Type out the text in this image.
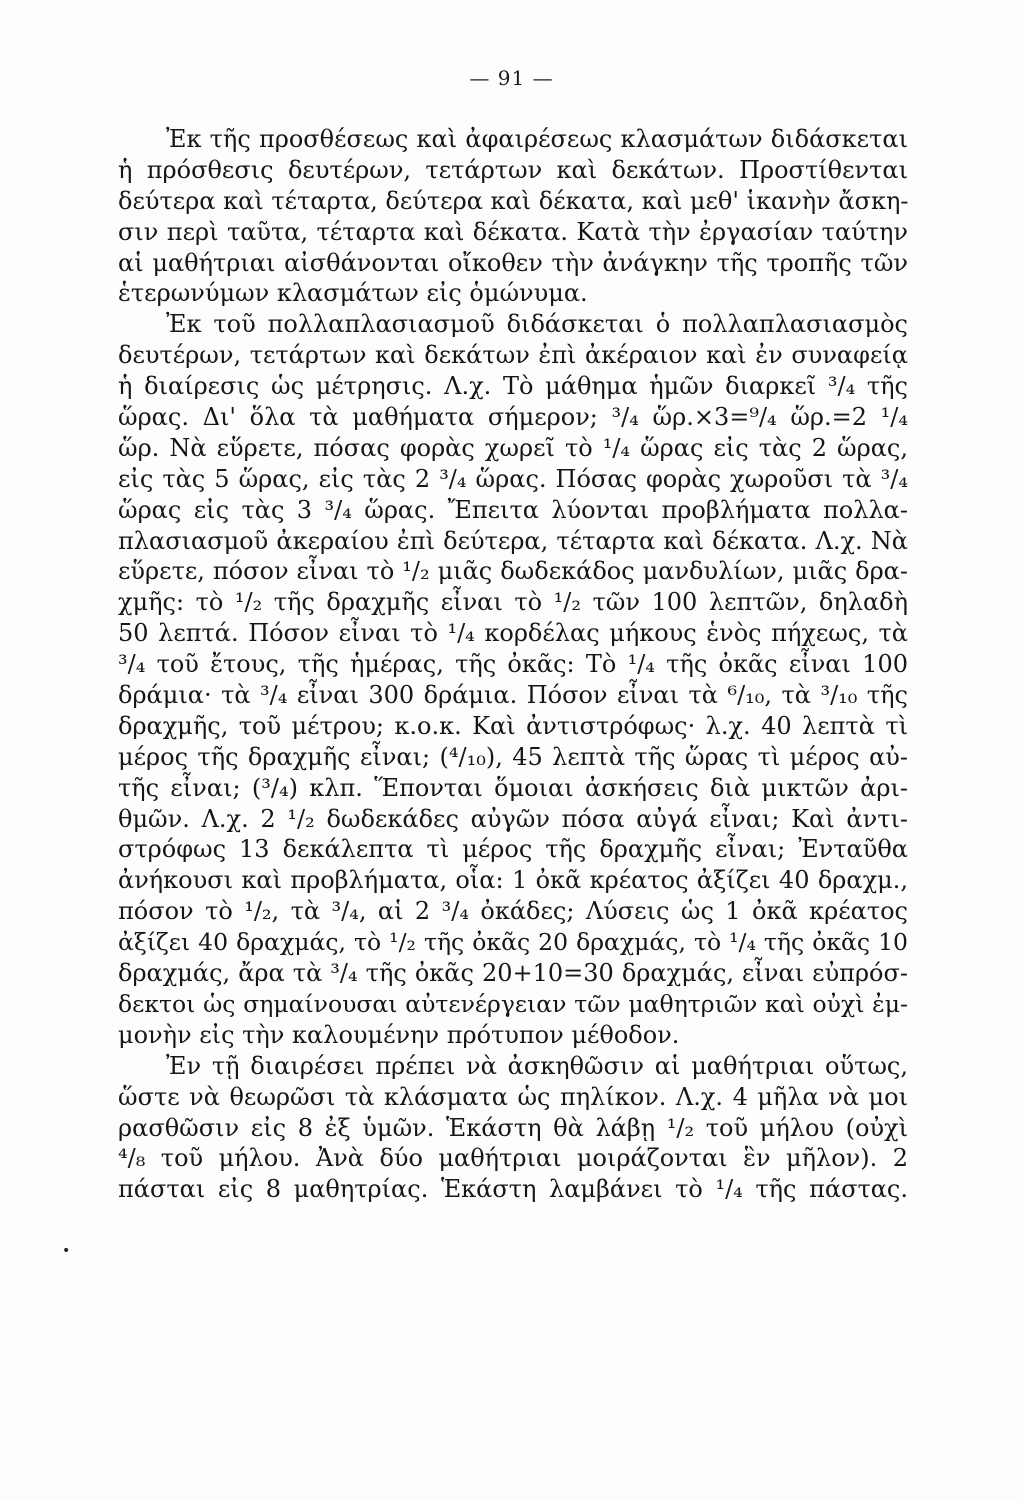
— 91 —
•
Ἐκ τῆς προσθέσεως καὶ ἀφαιρέσεως κλασμάτων διδάσκεται
ἡ πρόσθεσις δευτέρων, τετάρτων καὶ δεκάτων. Προστίθενται
δεύτερα καὶ τέταρτα, δεύτερα καὶ δέκατα, καὶ μεθ' ἱκανὴν ἄσκη-
σιν περὶ ταῦτα, τέταρτα καὶ δέκατα. Κατὰ τὴν ἐργασίαν ταύτην
αἱ μαθήτριαι αἰσθάνονται οἴκοθεν τὴν ἀνάγκην τῆς τροπῆς τῶν
ἑτερωνύμων κλασμάτων εἰς ὁμώνυμα.
Ἐκ τοῦ πολλαπλασιασμοῦ διδάσκεται ὁ πολλαπλασιασμὸς
δευτέρων, τετάρτων καὶ δεκάτων ἐπὶ ἀκέραιον καὶ ἐν συναφείᾳ
ἡ διαίρεσις ὡς μέτρησις. Λ.χ. Τὸ μάθημα ἡμῶν διαρκεῖ ³/₄ τῆς
ὥρας. Δι' ὅλα τὰ μαθήματα σήμερον; ³/₄ ὥρ.×3=⁹/₄ ὥρ.=2 ¹/₄
ὥρ. Νὰ εὕρετε, πόσας φορὰς χωρεῖ τὸ ¹/₄ ὥρας εἰς τὰς 2 ὥρας,
εἰς τὰς 5 ὥρας, εἰς τὰς 2 ³/₄ ὥρας. Πόσας φορὰς χωροῦσι τὰ ³/₄
ὥρας εἰς τὰς 3 ³/₄ ὥρας. Ἔπειτα λύονται προβλήματα πολλα-
πλασιασμοῦ ἀκεραίου ἐπὶ δεύτερα, τέταρτα καὶ δέκατα. Λ.χ. Νὰ
εὕρετε, πόσον εἶναι τὸ ¹/₂ μιᾶς δωδεκάδος μανδυλίων, μιᾶς δρα-
χμῆς: τὸ ¹/₂ τῆς δραχμῆς εἶναι τὸ ¹/₂ τῶν 100 λεπτῶν, δηλαδὴ
50 λεπτά. Πόσον εἶναι τὸ ¹/₄ κορδέλας μήκους ἑνὸς πήχεως, τὰ
³/₄ τοῦ ἔτους, τῆς ἡμέρας, τῆς ὀκᾶς: Τὸ ¹/₄ τῆς ὀκᾶς εἶναι 100
δράμια· τὰ ³/₄ εἶναι 300 δράμια. Πόσον εἶναι τὰ ⁶/₁₀, τὰ ³/₁₀ τῆς
δραχμῆς, τοῦ μέτρου; κ.ο.κ. Καὶ ἀντιστρόφως· λ.χ. 40 λεπτὰ τὶ
μέρος τῆς δραχμῆς εἶναι; (⁴/₁₀), 45 λεπτὰ τῆς ὥρας τὶ μέρος αὐ-
τῆς εἶναι; (³/₄) κλπ. Ἕπονται ὅμοιαι ἀσκήσεις διὰ μικτῶν ἀρι-
θμῶν. Λ.χ. 2 ¹/₂ δωδεκάδες αὐγῶν πόσα αὐγά εἶναι; Καὶ ἀντι-
στρόφως 13 δεκάλεπτα τὶ μέρος τῆς δραχμῆς εἶναι; Ἐνταῦθα
ἀνήκουσι καὶ προβλήματα, οἷα: 1 ὀκᾶ κρέατος ἀξίζει 40 δραχμ.,
πόσον τὸ ¹/₂, τὰ ³/₄, αἱ 2 ³/₄ ὀκάδες; Λύσεις ὡς 1 ὀκᾶ κρέατος
ἀξίζει 40 δραχμάς, τὸ ¹/₂ τῆς ὀκᾶς 20 δραχμάς, τὸ ¹/₄ τῆς ὀκᾶς 10
δραχμάς, ἄρα τὰ ³/₄ τῆς ὀκᾶς 20+10=30 δραχμάς, εἶναι εὐπρόσ-
δεκτοι ὡς σημαίνουσαι αὐτενέργειαν τῶν μαθητριῶν καὶ οὐχὶ ἐμ-
μονὴν εἰς τὴν καλουμένην πρότυπον μέθοδον.
Ἐν τῇ διαιρέσει πρέπει νὰ ἀσκηθῶσιν αἱ μαθήτριαι οὕτως,
ὥστε νὰ θεωρῶσι τὰ κλάσματα ὡς πηλίκον. Λ.χ. 4 μῆλα νὰ μοι
ρασθῶσιν εἰς 8 ἐξ ὑμῶν. Ἑκάστη θὰ λάβῃ ¹/₂ τοῦ μήλου (οὐχὶ
⁴/₈ τοῦ μήλου. Ἀνὰ δύο μαθήτριαι μοιράζονται ἓν μῆλον). 2
πάσται εἰς 8 μαθητρίας. Ἑκάστη λαμβάνει τὸ ¹/₄ τῆς πάστας.
